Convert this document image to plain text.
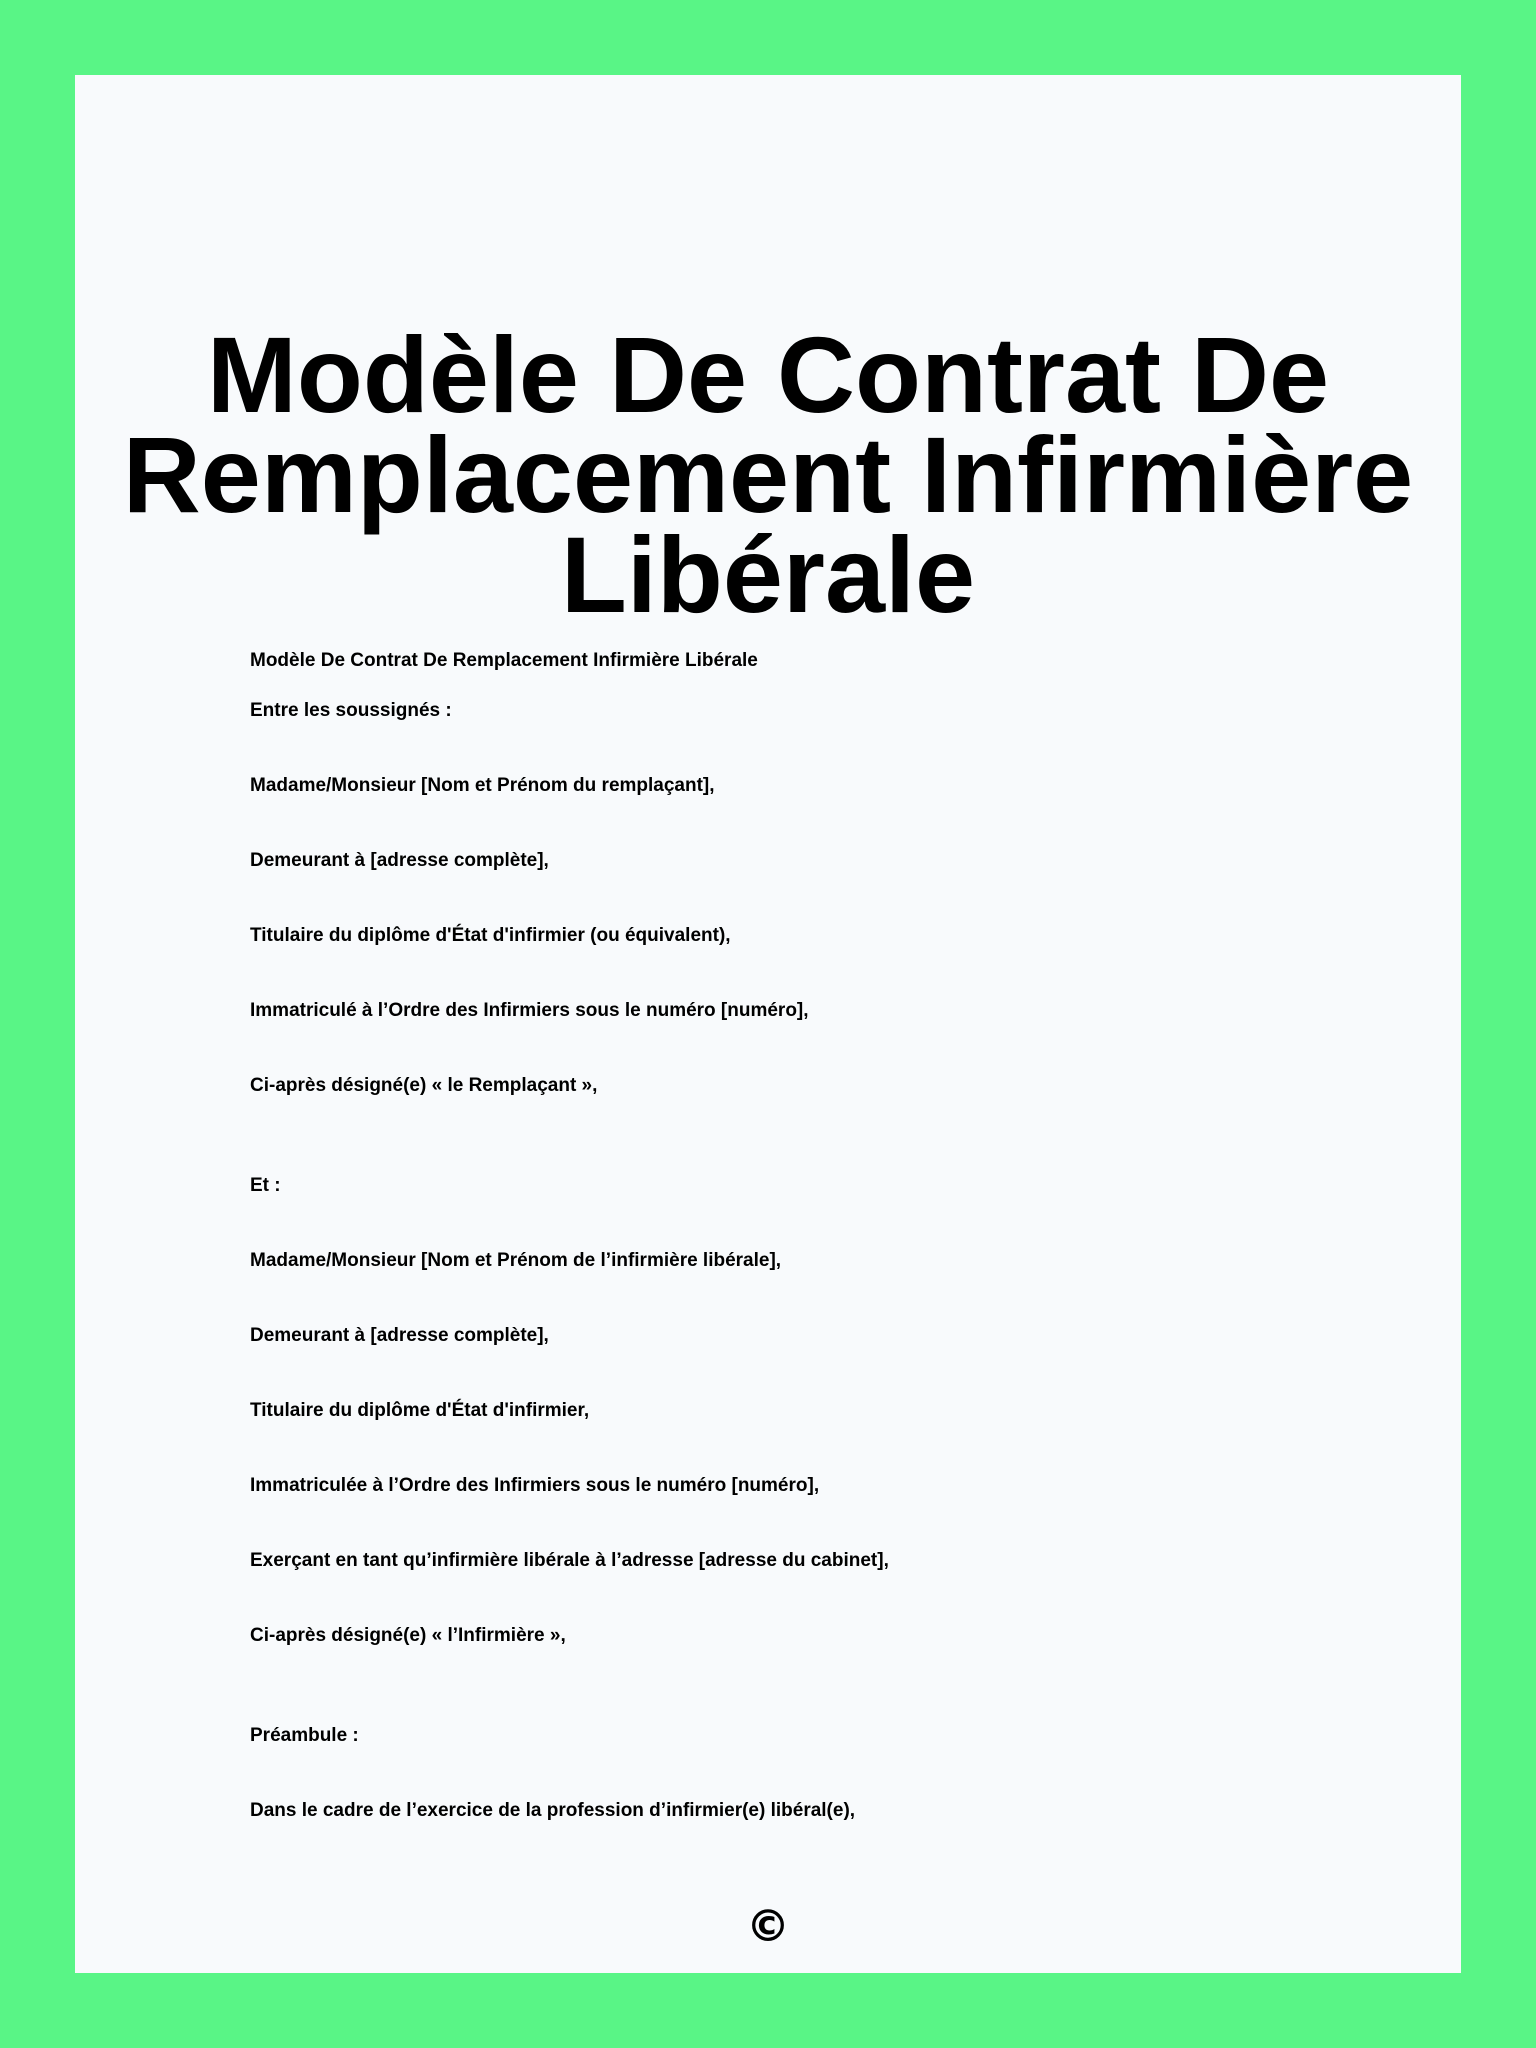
Modèle De Contrat De Remplacement Infirmière Libérale
Modèle De Contrat De Remplacement Infirmière Libérale
Entre les soussignés :
Madame/Monsieur [Nom et Prénom du remplaçant],
Demeurant à [adresse complète],
Titulaire du diplôme d'État d'infirmier (ou équivalent),
Immatriculé à l’Ordre des Infirmiers sous le numéro [numéro],
Ci-après désigné(e) « le Remplaçant »,
Et :
Madame/Monsieur [Nom et Prénom de l’infirmière libérale],
Demeurant à [adresse complète],
Titulaire du diplôme d'État d'infirmier,
Immatriculée à l’Ordre des Infirmiers sous le numéro [numéro],
Exerçant en tant qu’infirmière libérale à l’adresse [adresse du cabinet],
Ci-après désigné(e) « l’Infirmière »,
Préambule :
Dans le cadre de l’exercice de la profession d’infirmier(e) libéral(e),
©
